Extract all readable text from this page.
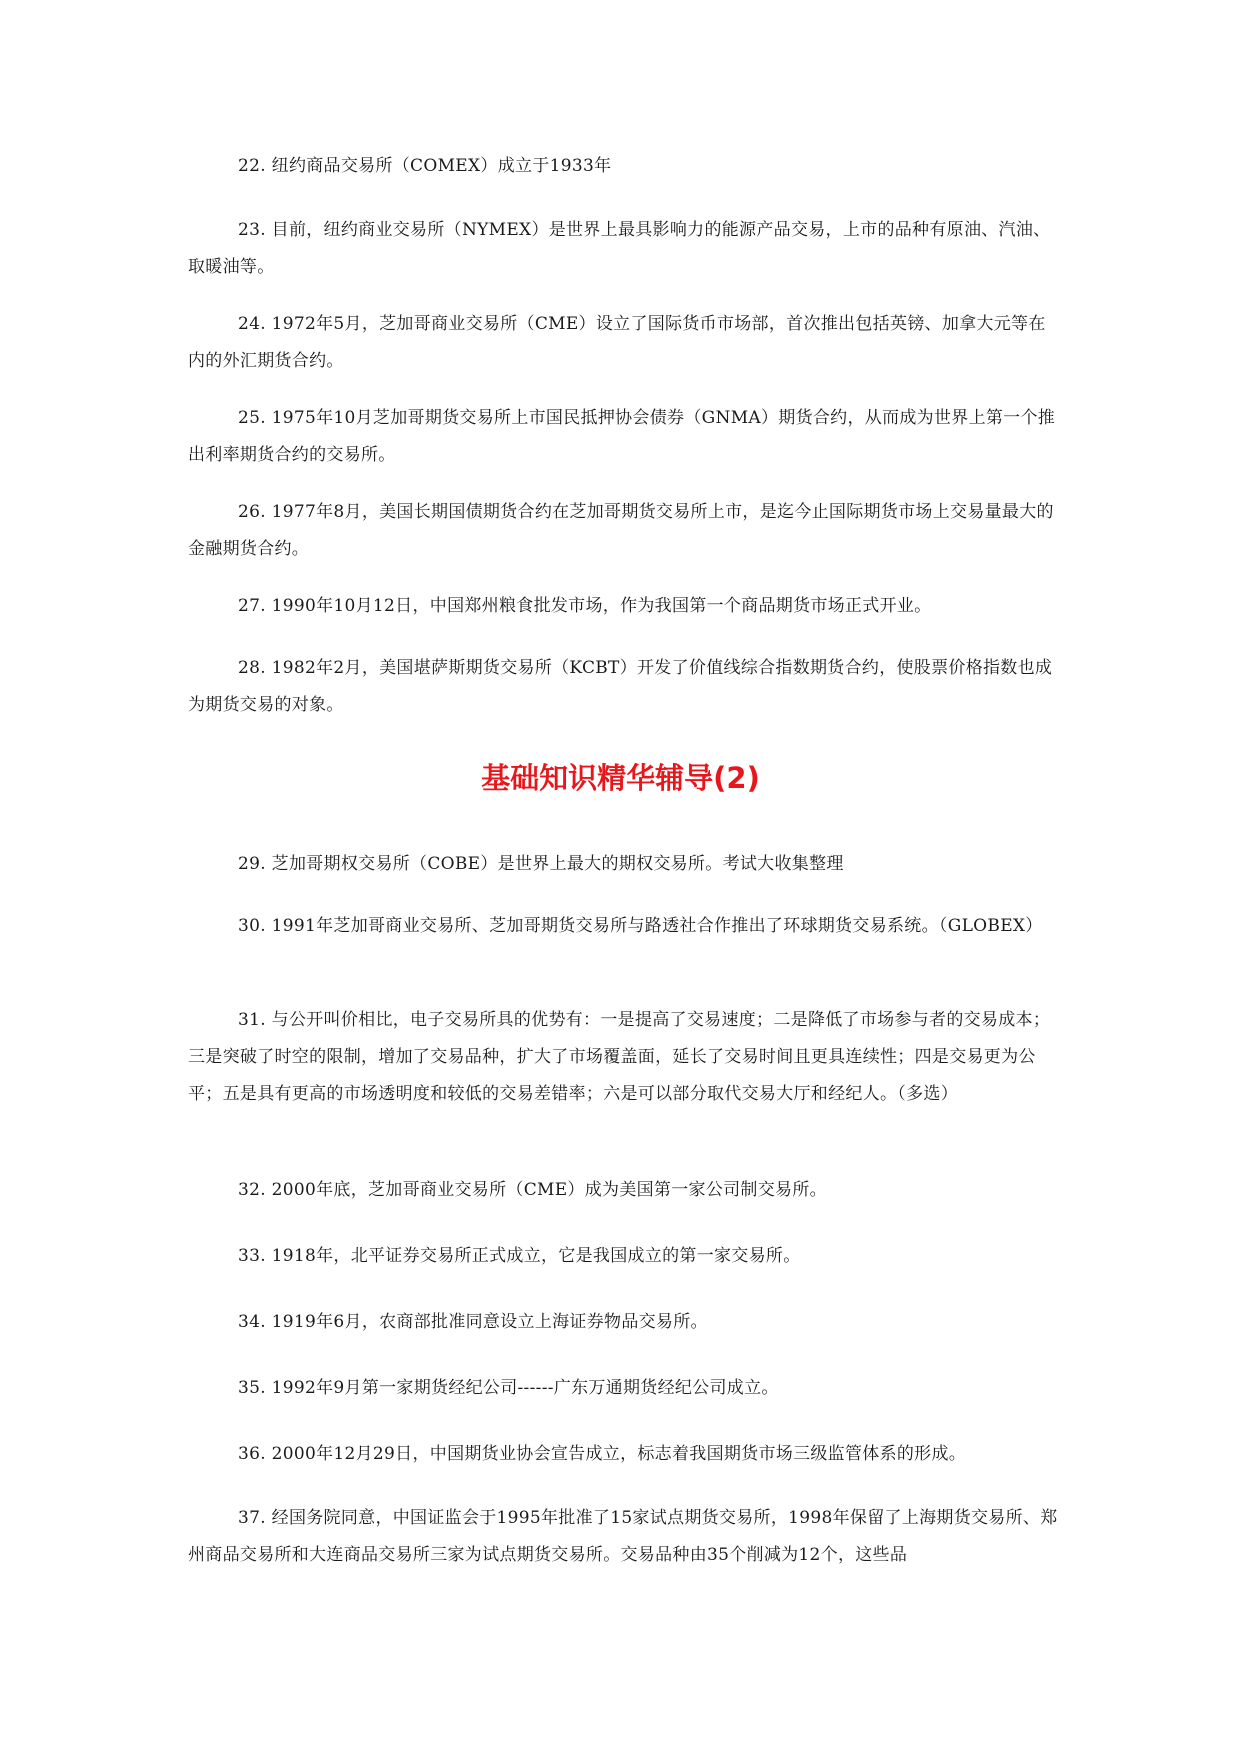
22. 纽约商品交易所（COMEX）成立于1933年

23. 目前，纽约商业交易所（NYMEX）是世界上最具影响力的能源产品交易，上市的品种有原油、汽油、取暖油等。

24. 1972年5月，芝加哥商业交易所（CME）设立了国际货币市场部，首次推出包括英镑、加拿大元等在内的外汇期货合约。

25. 1975年10月芝加哥期货交易所上市国民抵押协会债券（GNMA）期货合约，从而成为世界上第一个推出利率期货合约的交易所。

26. 1977年8月，美国长期国债期货合约在芝加哥期货交易所上市，是迄今止国际期货市场上交易量最大的金融期货合约。

27. 1990年10月12日，中国郑州粮食批发市场，作为我国第一个商品期货市场正式开业。

28. 1982年2月，美国堪萨斯期货交易所（KCBT）开发了价值线综合指数期货合约，使股票价格指数也成为期货交易的对象。

基础知识精华辅导(2)

29. 芝加哥期权交易所（COBE）是世界上最大的期权交易所。考试大收集整理

30. 1991年芝加哥商业交易所、芝加哥期货交易所与路透社合作推出了环球期货交易系统。（GLOBEX）

31. 与公开叫价相比，电子交易所具的优势有：一是提高了交易速度；二是降低了市场参与者的交易成本；三是突破了时空的限制，增加了交易品种，扩大了市场覆盖面，延长了交易时间且更具连续性；四是交易更为公平；五是具有更高的市场透明度和较低的交易差错率；六是可以部分取代交易大厅和经纪人。（多选）

32. 2000年底，芝加哥商业交易所（CME）成为美国第一家公司制交易所。

33. 1918年，北平证券交易所正式成立，它是我国成立的第一家交易所。

34. 1919年6月，农商部批准同意设立上海证券物品交易所。

35. 1992年9月第一家期货经纪公司------广东万通期货经纪公司成立。

36. 2000年12月29日，中国期货业协会宣告成立，标志着我国期货市场三级监管体系的形成。

37. 经国务院同意，中国证监会于1995年批准了15家试点期货交易所，1998年保留了上海期货交易所、郑州商品交易所和大连商品交易所三家为试点期货交易所。交易品种由35个削减为12个，这些品
